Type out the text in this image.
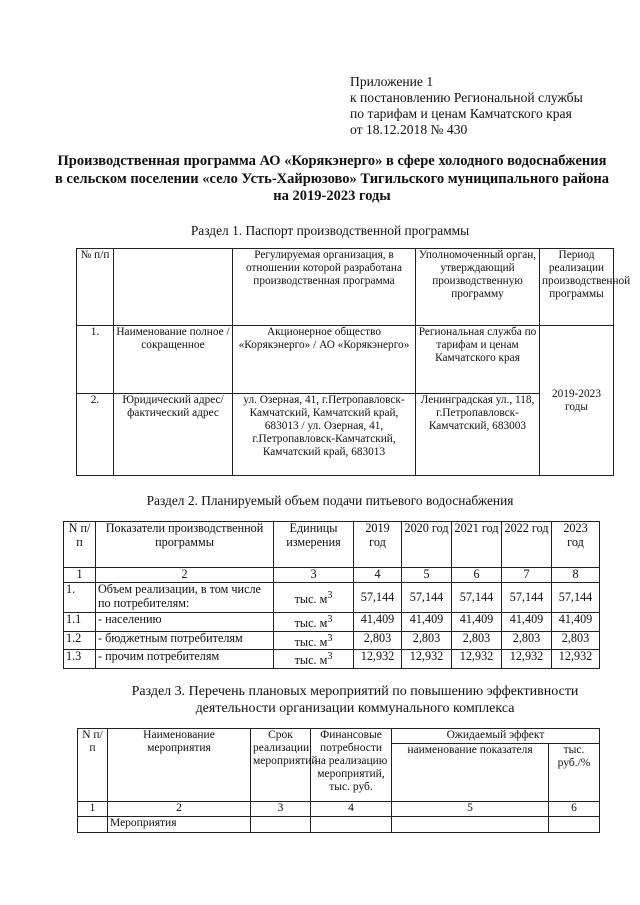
Приложение 1
к постановлению Региональной службы
по тарифам и ценам Камчатского края
от 18.12.2018 № 430
Производственная программа АО «Корякэнерго» в сфере холодного водоснабжения в сельском поселении «село Усть-Хайрюзово» Тигильского муниципального района на 2019-2023 годы
Раздел 1. Паспорт производственной программы
№ п/п		Регулируемая организация, в отношении которой разработана производственная программа	Уполномоченный орган, утверждающий производственную программу	Период реализации производственной программы
1.	Наименование полное / сокращенное	Акционерное общество «Корякэнерго» / АО «Корякэнерго»	Региональная служба по тарифам и ценам Камчатского края	2019-2023 годы
2.	Юридический адрес/фактический адрес	ул. Озерная, 41, г.Петропавловск-Камчатский, Камчатский край, 683013 / ул. Озерная, 41, г.Петропавловск-Камчатский, Камчатский край, 683013	Ленинградская ул., 118, г.Петропавловск-Камчатский, 683003	
Раздел 2. Планируемый объем подачи питьевого водоснабжения
N п/п	Показатели производственной программы	Единицы измерения	2019 год	2020 год	2021 год	2022 год	2023 год
1	2	3	4	5	6	7	8
1.	Объем реализации, в том числе по потребителям:	тыс. $м^3$	57,144	57,144	57,144	57,144	57,144
1.1	- населению	тыс. $м^3$	41,409	41,409	41,409	41,409	41,409
1.2	- бюджетным потребителям	тыс. $м^3$	2,803	2,803	2,803	2,803	2,803
1.3	- прочим потребителям	тыс. $м^3$	12,932	12,932	12,932	12,932	12,932
Раздел 3. Перечень плановых мероприятий по повышению эффективности деятельности организации коммунального комплекса
N п/п	Наименование мероприятия	Срок реализации мероприятий	Финансовые потребности на реализацию мероприятий, тыс. руб.	Ожидаемый эффект	
				наименование показателя	тыс. руб./%
1	2	3	4	5	6
	Мероприятия				
